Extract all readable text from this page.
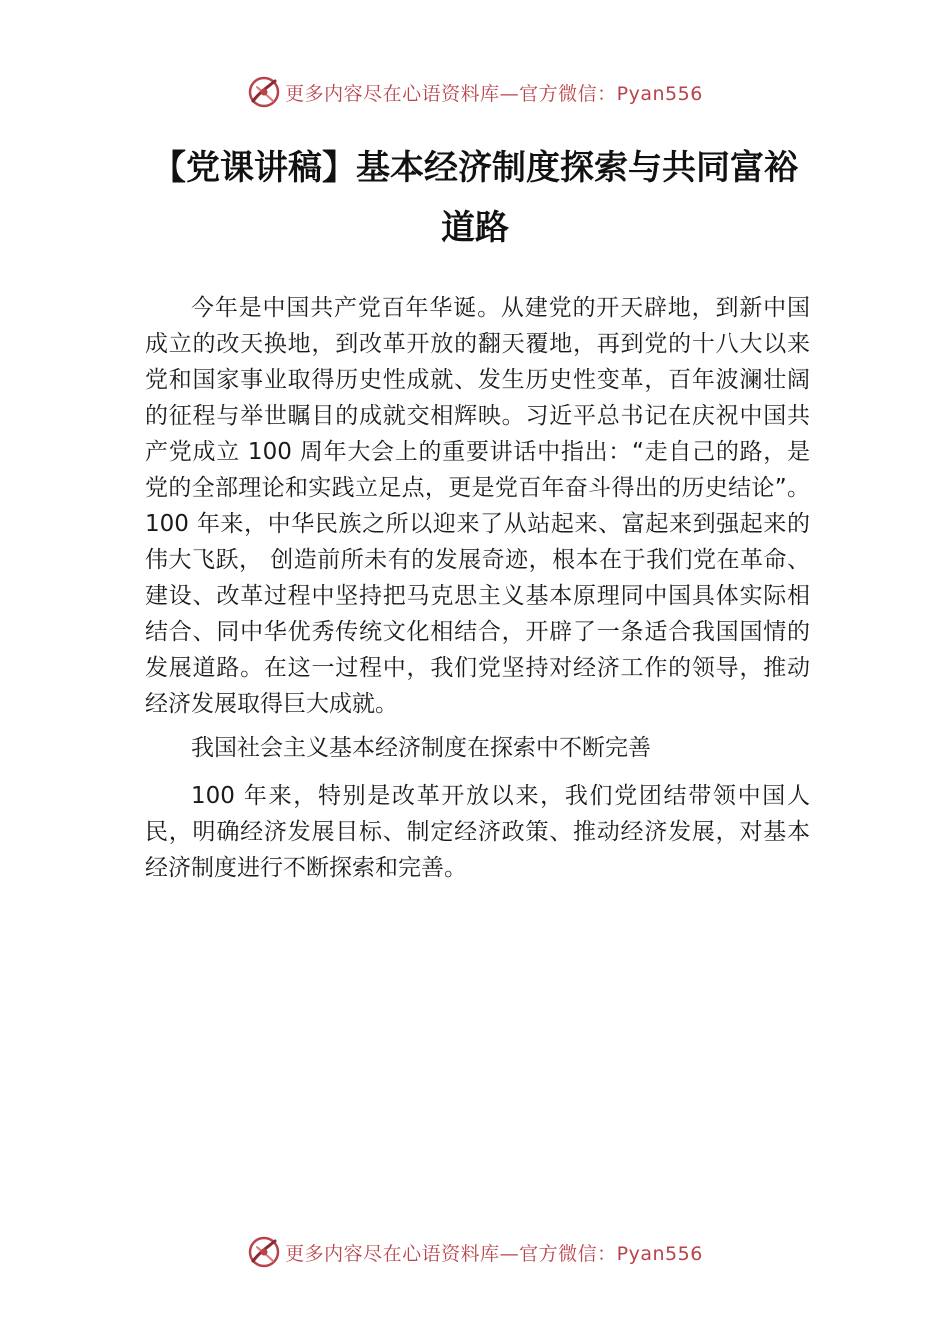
更多内容尽在心语资料库—官方微信：Pyan556
【党课讲稿】基本经济制度探索与共同富裕道路

今年是中国共产党百年华诞。从建党的开天辟地，到新中国成立的改天换地，到改革开放的翻天覆地，再到党的十八大以来党和国家事业取得历史性成就、发生历史性变革，百年波澜壮阔的征程与举世瞩目的成就交相辉映。习近平总书记在庆祝中国共产党成立 100 周年大会上的重要讲话中指出：“走自己的路，是党的全部理论和实践立足点，更是党百年奋斗得出的历史结论”。100 年来，中华民族之所以迎来了从站起来、富起来到强起来的伟大飞跃， 创造前所未有的发展奇迹，根本在于我们党在革命、建设、改革过程中坚持把马克思主义基本原理同中国具体实际相结合、同中华优秀传统文化相结合，开辟了一条适合我国国情的发展道路。在这一过程中，我们党坚持对经济工作的领导，推动经济发展取得巨大成就。

我国社会主义基本经济制度在探索中不断完善

100 年来，特别是改革开放以来，我们党团结带领中国人民，明确经济发展目标、制定经济政策、推动经济发展，对基本经济制度进行不断探索和完善。

更多内容尽在心语资料库—官方微信：Pyan556
